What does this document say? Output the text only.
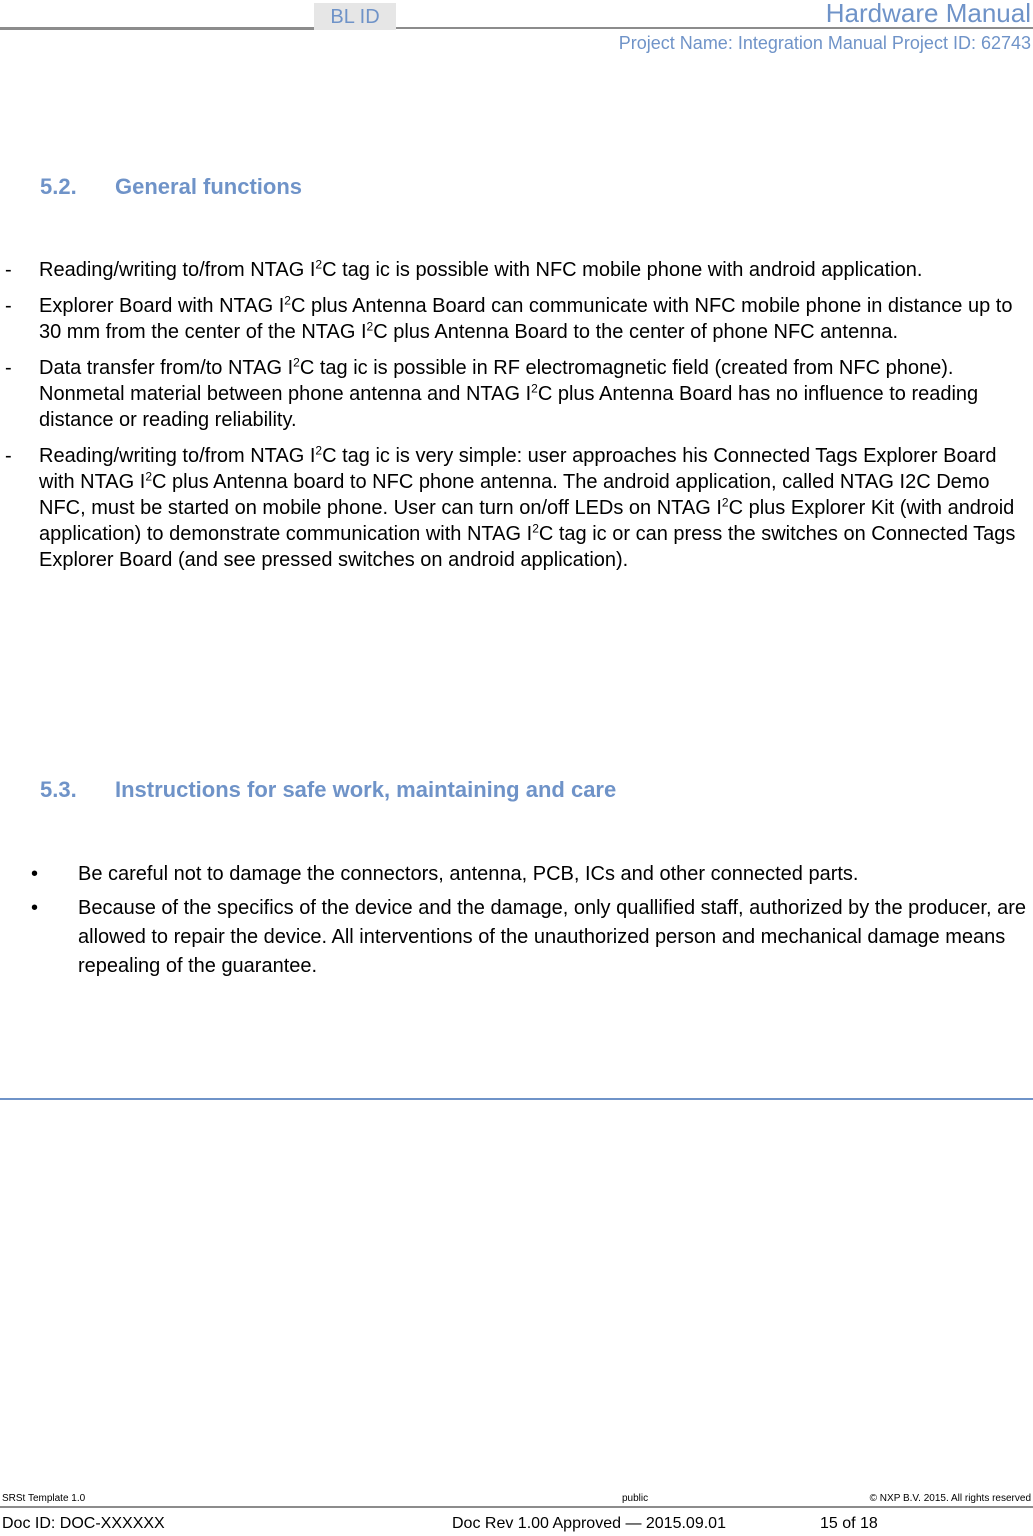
BL ID	Hardware Manual
Project Name: Integration Manual Project ID: 62743
5.2. General functions
- Reading/writing to/from NTAG $I^2C$ tag ic is possible with NFC mobile phone with android application.
- Explorer Board with NTAG $I^2C$ plus Antenna Board can communicate with NFC mobile phone in distance up to 30 mm from the center of the NTAG $I^2C$ plus Antenna Board to the center of phone NFC antenna.
- Data transfer from/to NTAG $I^2C$ tag ic is possible in RF electromagnetic field (created from NFC phone). Nonmetal material between phone antenna and NTAG $I^2C$ plus Antenna Board has no influence to reading distance or reading reliability.
- Reading/writing to/from NTAG $I^2C$ tag ic is very simple: user approaches his Connected Tags Explorer Board with NTAG $I^2C$ plus Antenna board to NFC phone antenna. The android application, called NTAG I2C Demo NFC, must be started on mobile phone. User can turn on/off LEDs on NTAG $I^2C$ plus Explorer Kit (with android application) to demonstrate communication with NTAG $I^2C$ tag ic or can press the switches on Connected Tags Explorer Board (and see pressed switches on android application).
5.3. Instructions for safe work, maintaining and care
• Be careful not to damage the connectors, antenna, PCB, ICs and other connected parts.
• Because of the specifics of the device and the damage, only quallified staff, authorized by the producer, are allowed to repair the device. All interventions of the unauthorized person and mechanical damage means repealing of the guarantee.
SRSt Template 1.0	public	© NXP B.V. 2015. All rights reserved
Doc ID: DOC-XXXXXX	Doc Rev 1.00 Approved — 2015.09.01	15 of 18
